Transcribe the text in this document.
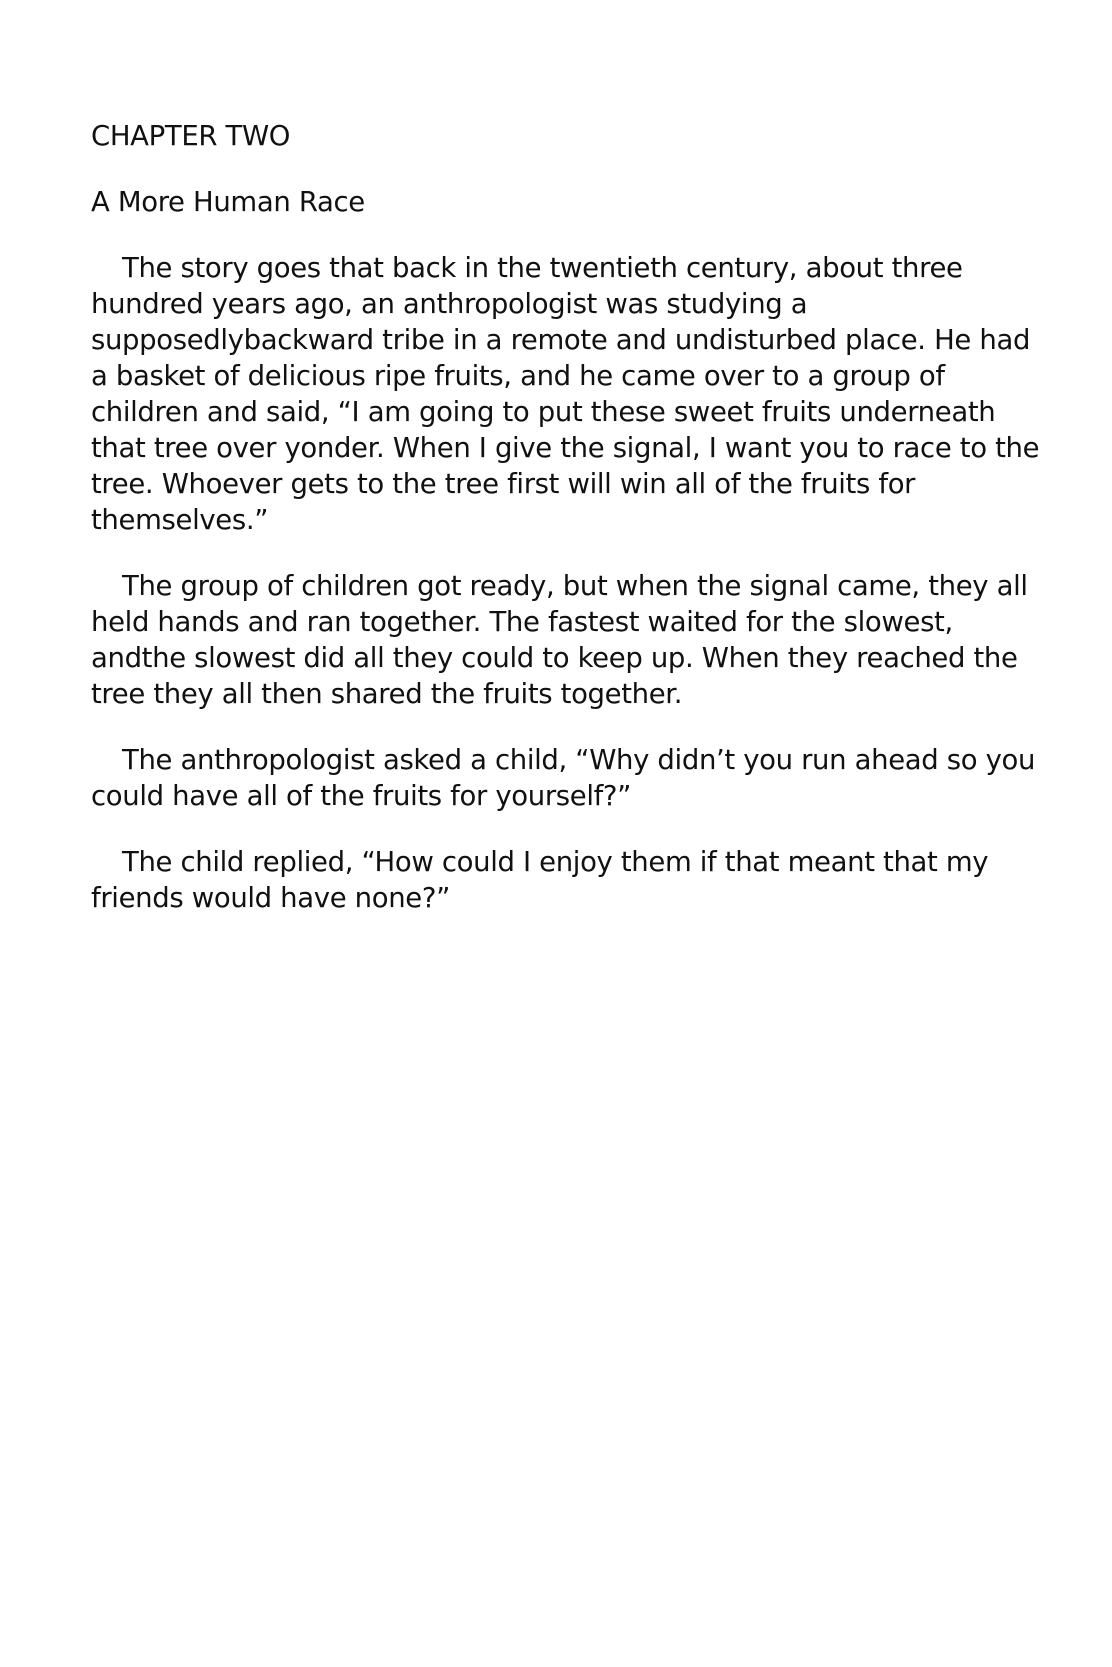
CHAPTER TWO
A More Human Race

The story goes that back in the twentieth century, about three hundred years ago, an anthropologist was studying a supposedlybackward tribe in a remote and undisturbed place. He had a basket of delicious ripe fruits, and he came over to a group of children and said, “I am going to put these sweet fruits underneath that tree over yonder. When I give the signal, I want you to race to the tree. Whoever gets to the tree first will win all of the fruits for themselves.”

The group of children got ready, but when the signal came, they all held hands and ran together. The fastest waited for the slowest, andthe slowest did all they could to keep up. When they reached the tree they all then shared the fruits together.

The anthropologist asked a child, “Why didn’t you run ahead so you could have all of the fruits for yourself?”

The child replied, “How could I enjoy them if that meant that my friends would have none?”
